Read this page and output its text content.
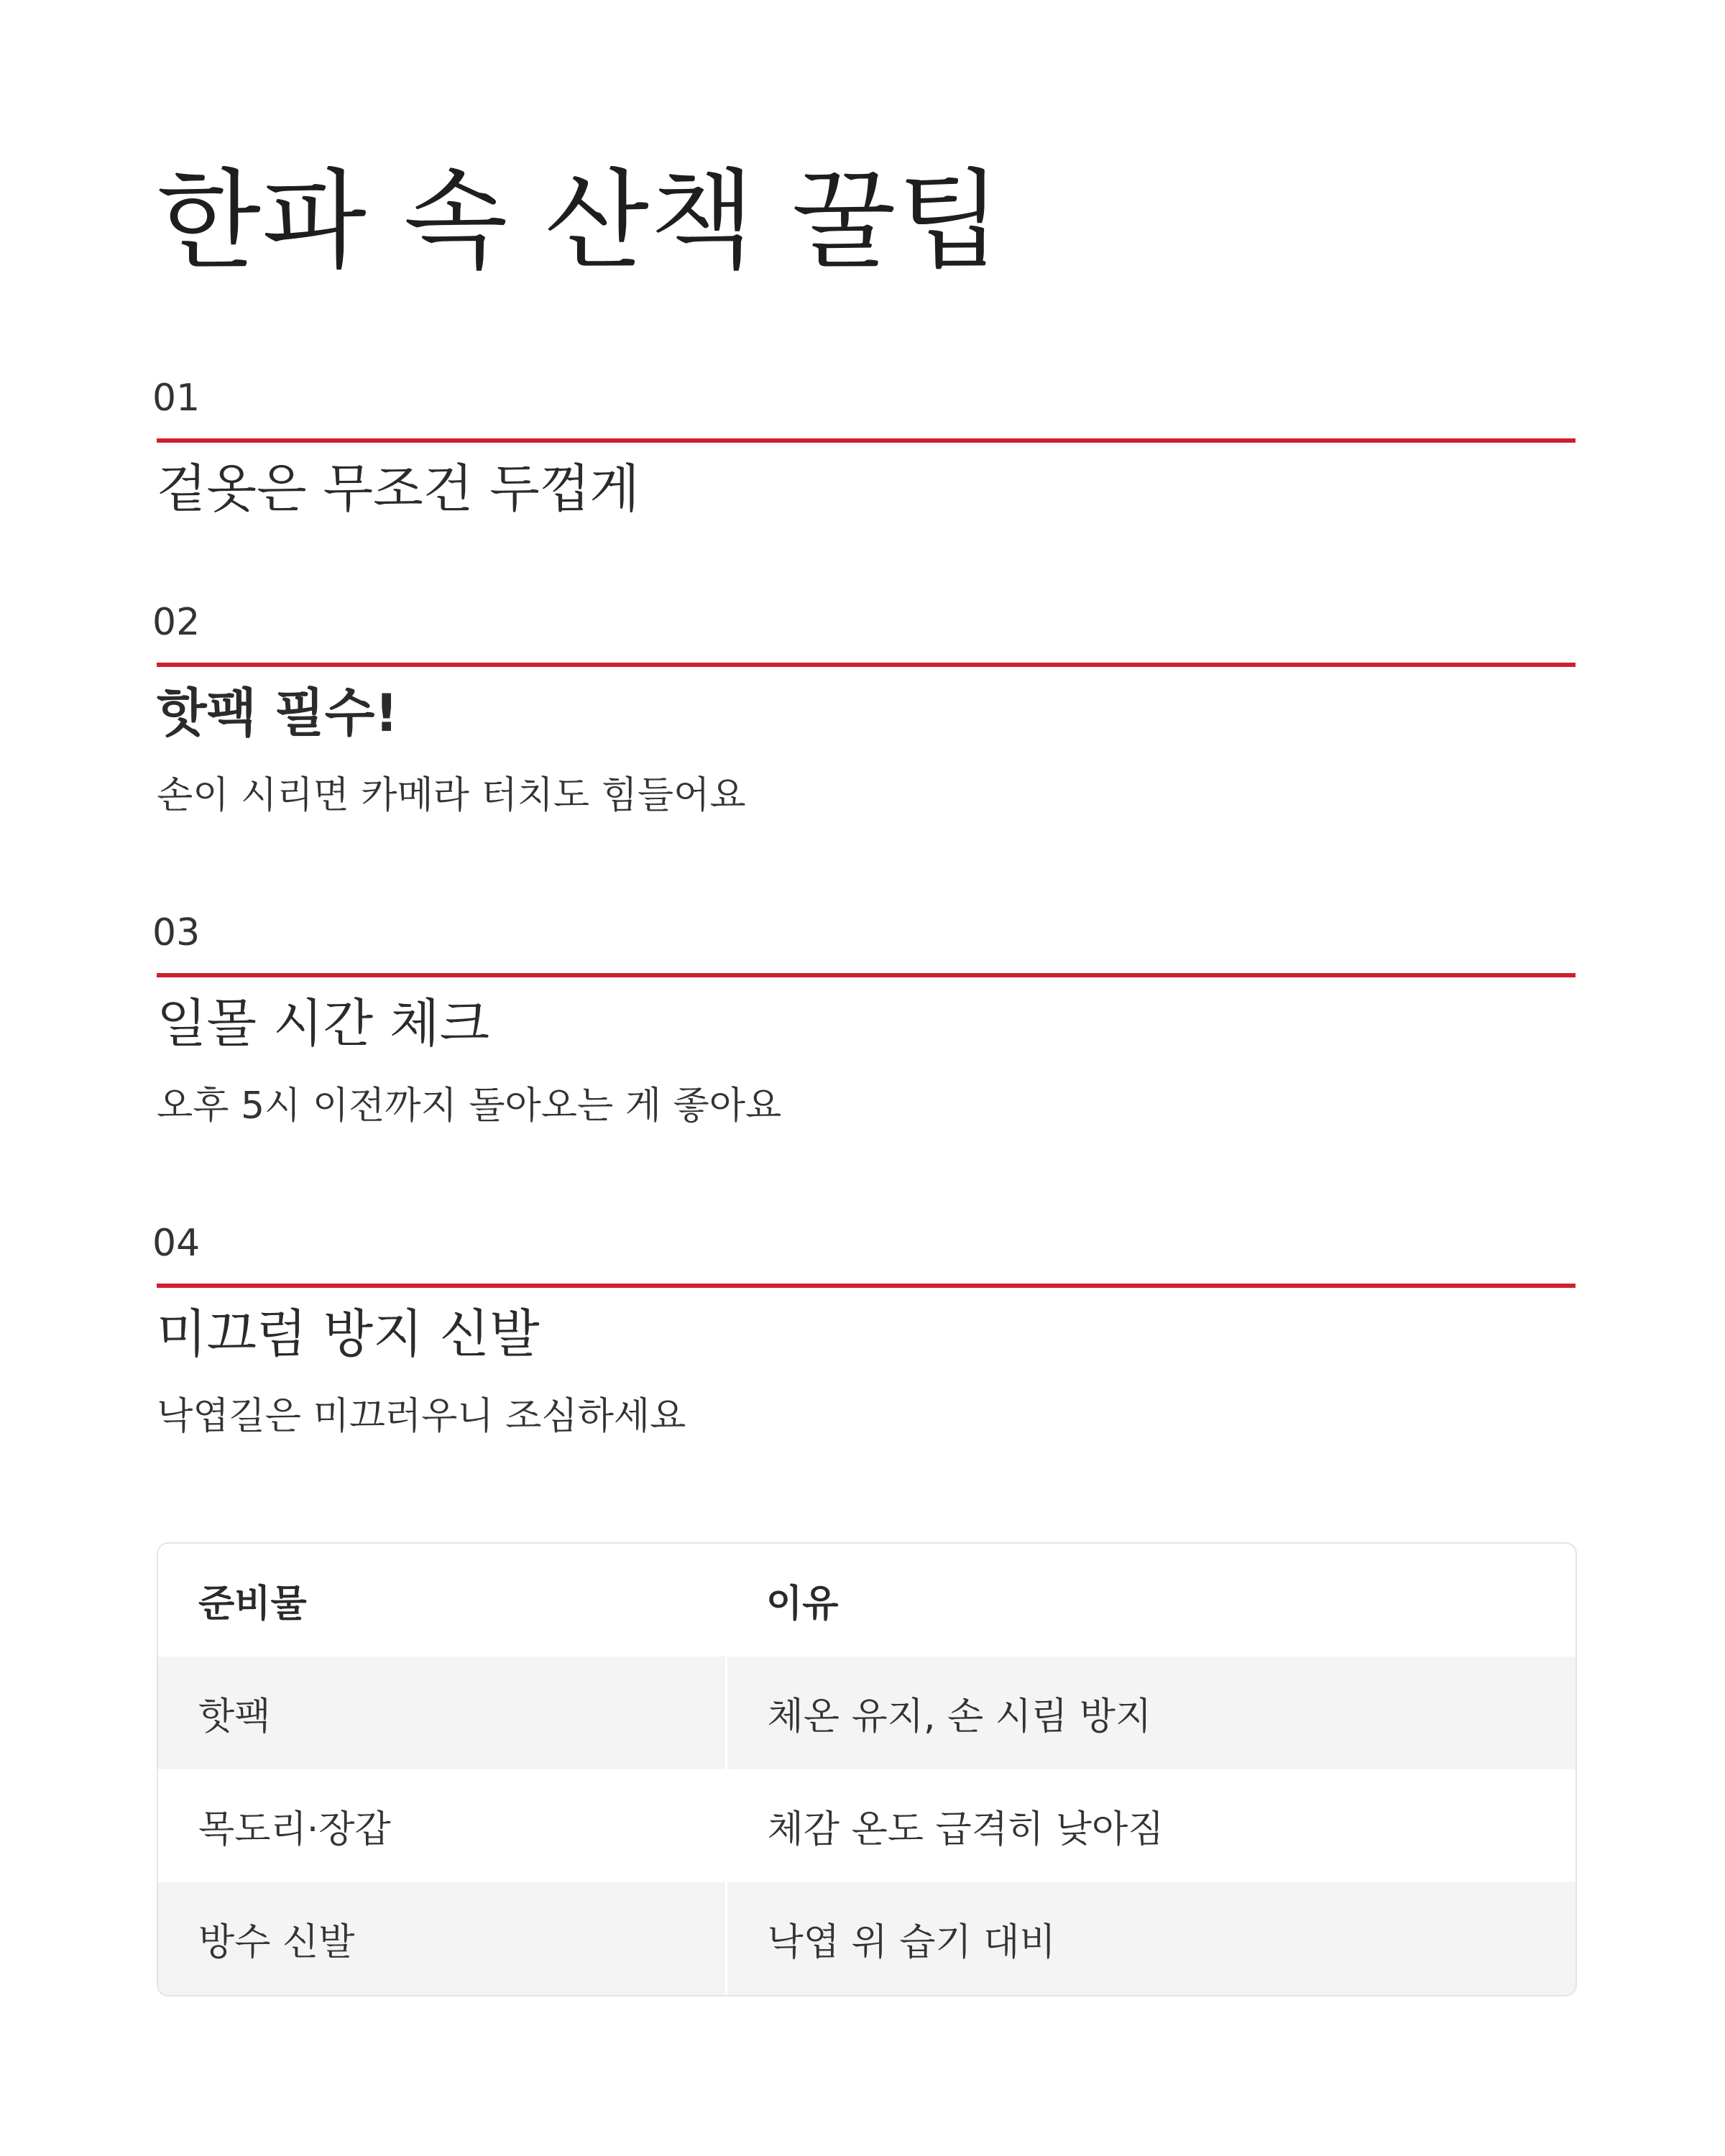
한파 속 산책 꿀팁
01
겉옷은 무조건 두껍게
02
핫팩 필수!
손이 시리면 카메라 터치도 힘들어요
03
일몰 시간 체크
오후 5시 이전까지 돌아오는 게 좋아요
04
미끄럼 방지 신발
낙엽길은 미끄러우니 조심하세요
준비물	이유
핫팩	체온 유지, 손 시림 방지
목도리·장갑	체감 온도 급격히 낮아짐
방수 신발	낙엽 위 습기 대비
